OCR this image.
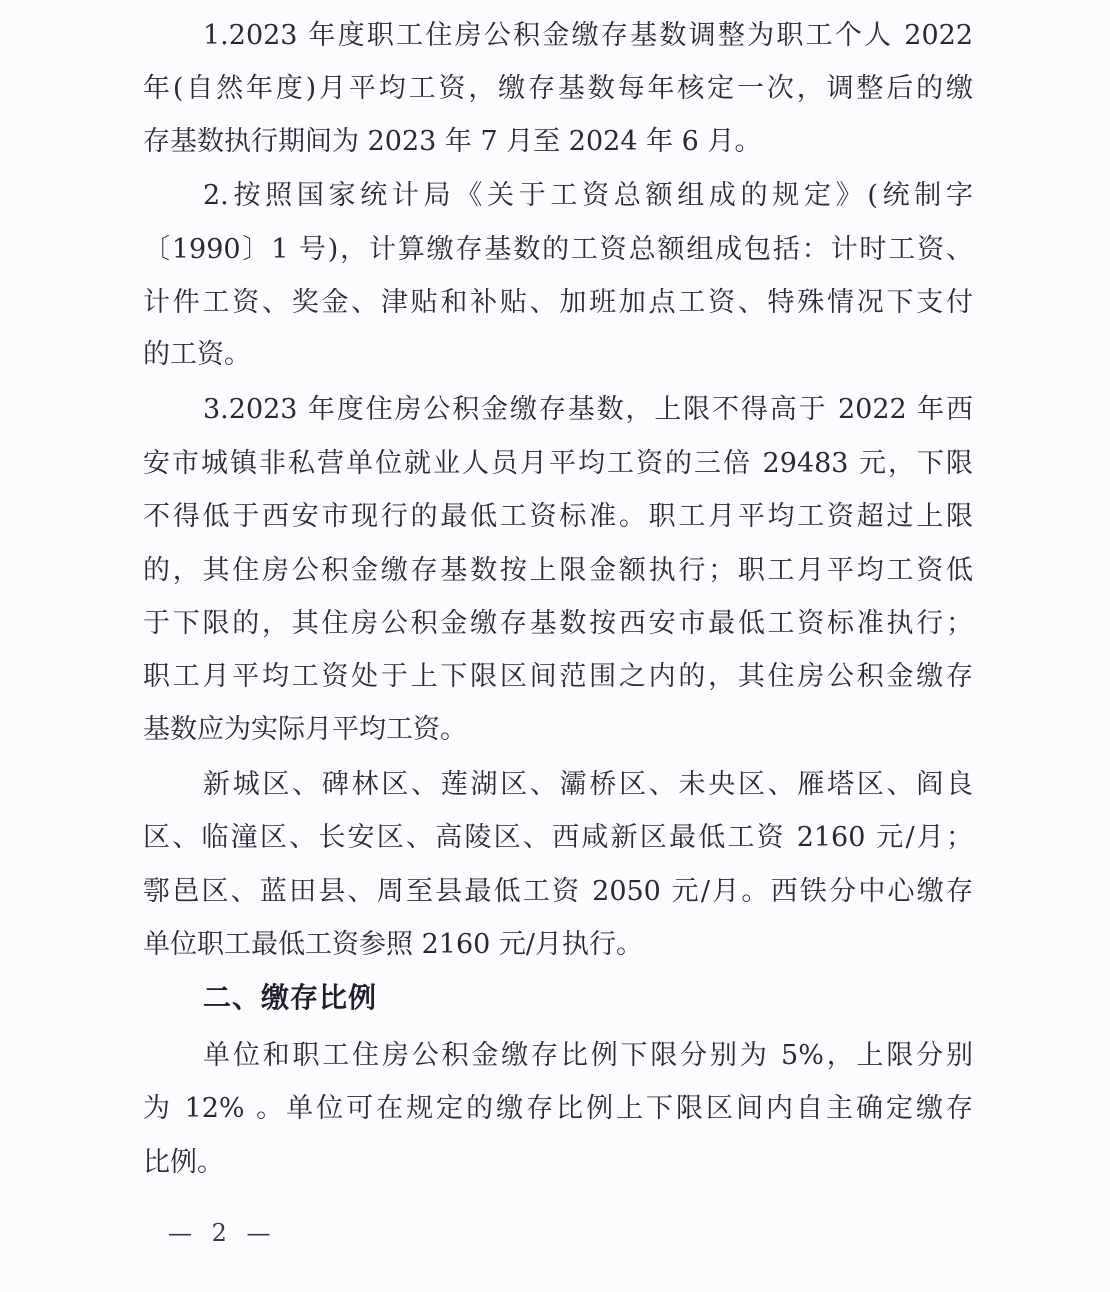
1.2023 年度职工住房公积金缴存基数调整为职工个人 2022
年(自然年度)月平均工资，缴存基数每年核定一次，调整后的缴
存基数执行期间为 2023 年 7 月至 2024 年 6 月。
2.按照国家统计局《关于工资总额组成的规定》(统制字
〔1990〕1 号)，计算缴存基数的工资总额组成包括：计时工资、
计件工资、奖金、津贴和补贴、加班加点工资、特殊情况下支付
的工资。
3.2023 年度住房公积金缴存基数，上限不得高于 2022 年西
安市城镇非私营单位就业人员月平均工资的三倍 29483 元，下限
不得低于西安市现行的最低工资标准。职工月平均工资超过上限
的，其住房公积金缴存基数按上限金额执行；职工月平均工资低
于下限的，其住房公积金缴存基数按西安市最低工资标准执行；
职工月平均工资处于上下限区间范围之内的，其住房公积金缴存
基数应为实际月平均工资。
新城区、碑林区、莲湖区、灞桥区、未央区、雁塔区、阎良
区、临潼区、长安区、高陵区、西咸新区最低工资 2160 元/月；
鄠邑区、蓝田县、周至县最低工资 2050 元/月。西铁分中心缴存
单位职工最低工资参照 2160 元/月执行。
二、缴存比例
单位和职工住房公积金缴存比例下限分别为 5%，上限分别
为 12% 。单位可在规定的缴存比例上下限区间内自主确定缴存
比例。
— 2 —
